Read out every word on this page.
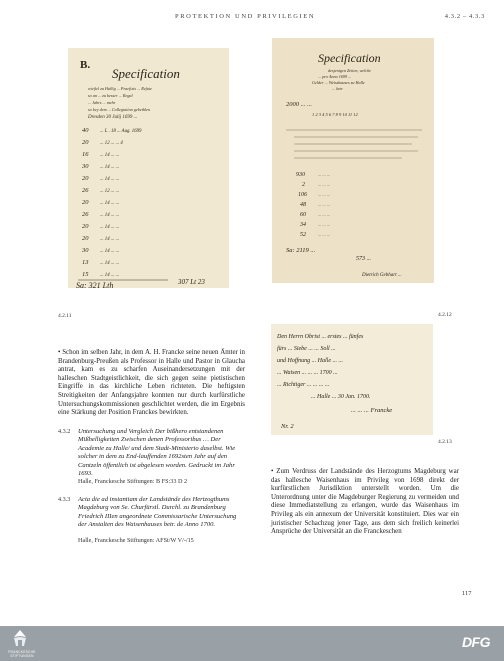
PROTEKTION UND PRIVILEGIEN	4.3.2 – 4.3.3
B.
Specification
wiefiel zu Hallig ... Praefixis ... Refute
so an ... zu besser ... Regal
... Jahrs ... mehr
so bey dem ... Collegiation gebethlen
Dresden 30 Julij 1699 ...
40 ... L . 18 ... Aug. 1699
20 ... 12 ... ... 4
16 ... 14 ... ...
30 ... 14 ... ...
20 ... 14 ... ...
26 ... 12 ... ...
20 ... 14 ... ...
26 ... 14 ... ...
20 ... 14 ... ...
20 ... 14 ... ...
30 ... 14 ... ...
13 ... 14 ... ...
15 ... 14 ... ...
Sa: 321 Lth	307 Lt 23
4.2.11
Specification
desjenigen Zeiten, welche
... pro Anno 1699 ...
Gelder ... Weisshauses zu Halle
... betr
2000 ... ...
1 2 3 4 5 6 7 8 9 10 11 12
930	... ... ...
2	... ... ...
106 ... ... ...
48	... ... ...
60	... ... ...
34	... ... ...
52	... ... ...
Sa: 2119 ...
573 ...
Dietrich Gebhart ...
4.2.12
Den Herrn Obrist ... erstes ... fünfes
fürs ... Siebe ... ... Soll ...
und Hoffnung ... Halle ... ...
... Waisen ... ... ... 1700 ...
... Richtiger ... ... ... ...
... Halle ... 30 Jan. 1700.
... ... ... Francke
Nr. 2
4.2.13
• Schon im selben Jahr, in dem A. H. Francke seine neuen Ämter in Brandenburg-Preußen als Professor in Halle und Pastor in Glaucha antrat, kam es zu scharfen Auseinandersetzungen mit der halleschen Stadtgeistlichkeit, die sich gegen seine pietistischen Eingriffe in das kirchliche Leben richteten. Die heftigsten Streitigkeiten der Anfangsjahre konnten nur durch kurfürstliche Untersuchungskommissionen geschlichtet werden, die im Ergebnis eine Stärkung der Position Franckes bewirkten.
4.3.2 Untersuchung und Vergleich Der bißhero entstandenen Mißhelligkeiten Zwischen denen Professoribus … Der Academie zu Halle/ und dem Stadt-Ministerio daselbst. Wie solcher in dem zu End-lauffenden 1692sten Jahr auf den Cantzeln öffentlich ist abgelesen worden. Gedruckt im Jahr 1693.
Halle, Franckesche Stiftungen: B FS:33 D 2
4.3.3 Acta die ad instantiam der Landstände des Hertzogthums Magdeburg von Se. Churfürstl. Durchl. zu Brandenburg Friedrich IIIen angeordnete Commissarische Untersuchung der Anstalten des Waisenhauses betr. de Anno 1700.
Halle, Franckesche Stiftungen: AFSt/W V/-/15
• Zum Verdruss der Landstände des Herzogtums Magdeburg war das hallesche Waisenhaus im Privileg von 1698 direkt der kurfürstlichen Jurisdiktion unterstellt worden. Um die Unterordnung unter die Magdeburger Regierung zu vermeiden und diese Immediatstellung zu erlangen, wurde das Waisenhaus im Privileg als ein annexum der Universität konstituiert. Dies war ein juristischer Schachzug jener Tage, aus dem sich freilich keinerlei Ansprüche der Universität an die Franckeschen
117
FRANCKESCHE STIFTUNGEN
DFG
